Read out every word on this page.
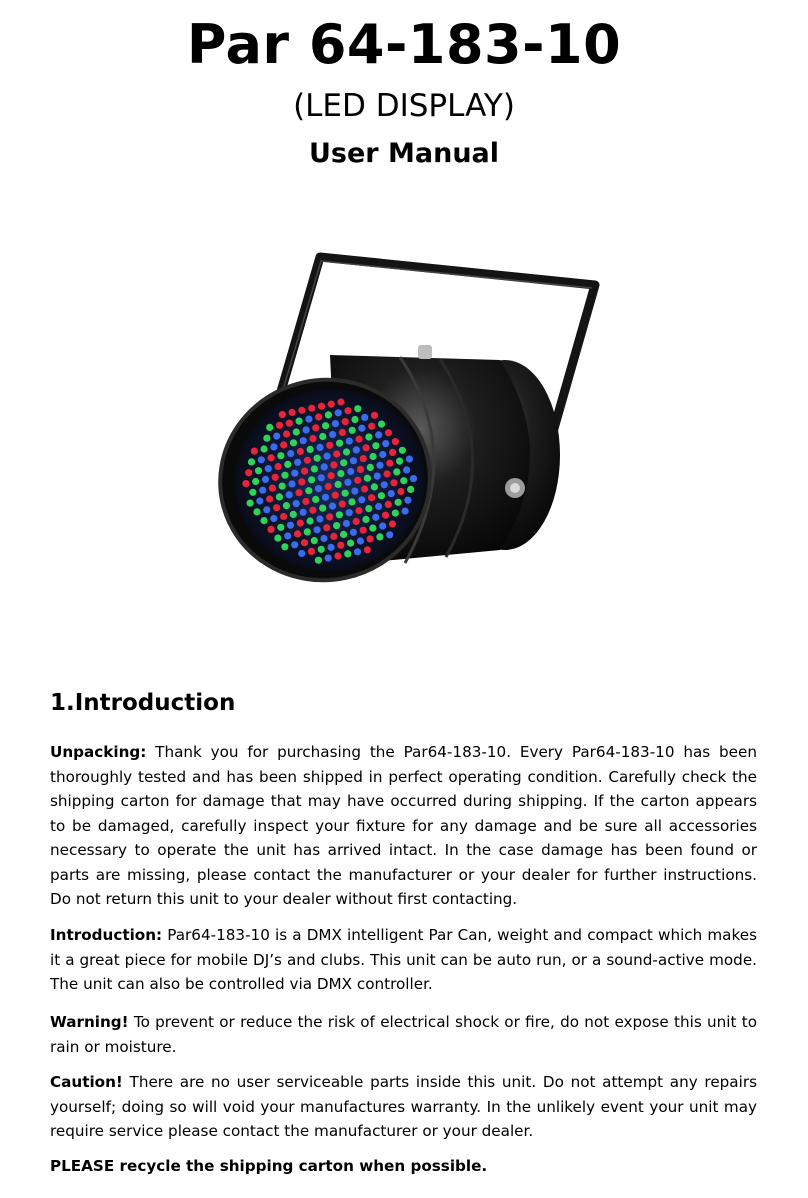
Par 64-183-10
(LED DISPLAY)
User Manual
1.Introduction

Unpacking: Thank you for purchasing the Par64-183-10. Every Par64-183-10 has been thoroughly tested and has been shipped in perfect operating condition. Carefully check the shipping carton for damage that may have occurred during shipping. If the carton appears to be damaged, carefully inspect your fixture for any damage and be sure all accessories necessary to operate the unit has arrived intact. In the case damage has been found or parts are missing, please contact the manufacturer or your dealer for further instructions. Do not return this unit to your dealer without first contacting.

Introduction: Par64-183-10 is a DMX intelligent Par Can, weight and compact which makes it a great piece for mobile DJ’s and clubs. This unit can be auto run, or a sound-active mode. The unit can also be controlled via DMX controller.

Warning! To prevent or reduce the risk of electrical shock or fire, do not expose this unit to rain or moisture.

Caution! There are no user serviceable parts inside this unit. Do not attempt any repairs yourself; doing so will void your manufactures warranty. In the unlikely event your unit may require service please contact the manufacturer or your dealer.

PLEASE recycle the shipping carton when possible.
